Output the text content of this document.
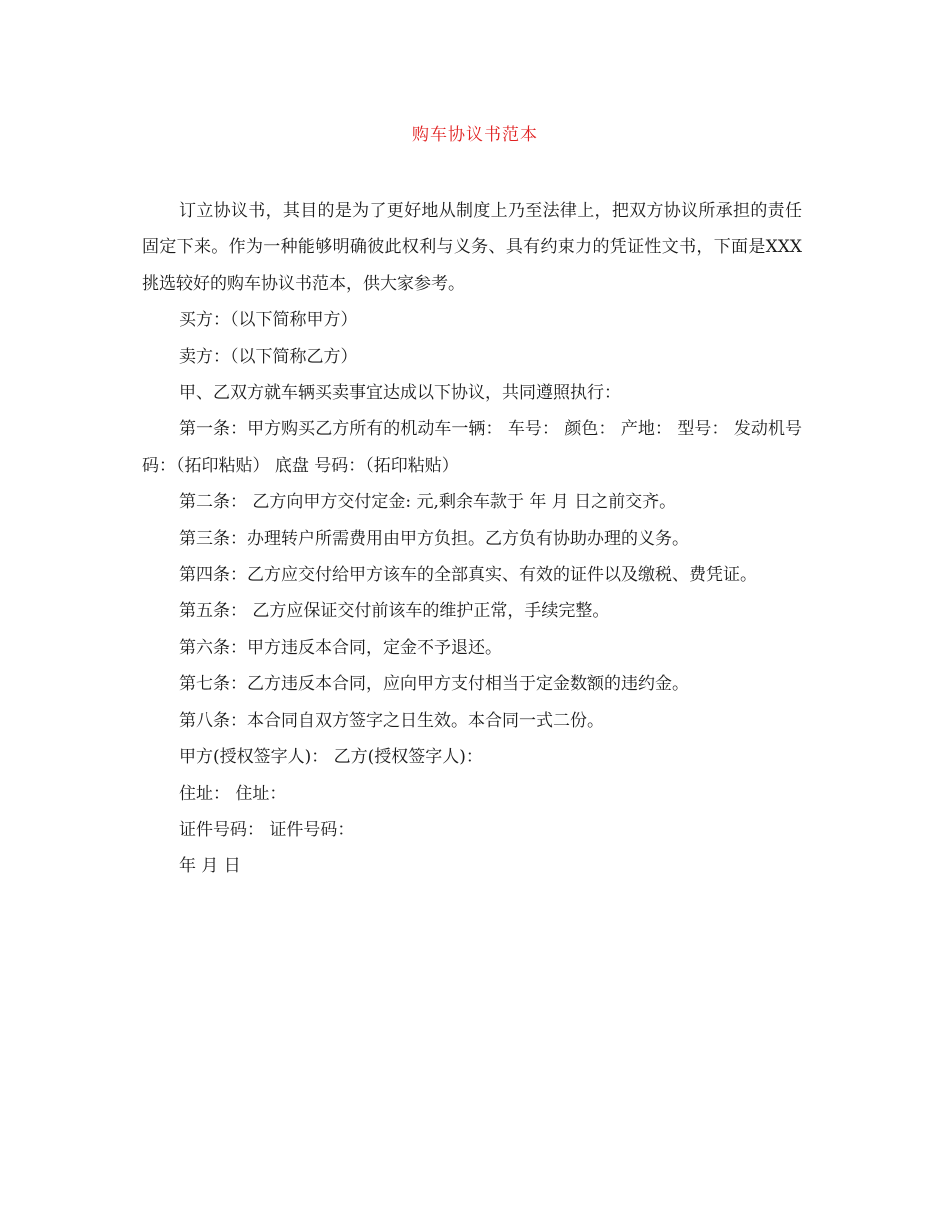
购车协议书范本

订立协议书，其目的是为了更好地从制度上乃至法律上，把双方协议所承担的责任固定下来。作为一种能够明确彼此权利与义务、具有约束力的凭证性文书，下面是XXX挑选较好的购车协议书范本，供大家参考。

买方：（以下简称甲方）

卖方：（以下简称乙方）

甲、乙双方就车辆买卖事宜达成以下协议，共同遵照执行：

第一条：甲方购买乙方所有的机动车一辆： 车号： 颜色： 产地： 型号： 发动机号码：（拓印粘贴） 底盘 号码：（拓印粘贴）

第二条： 乙方向甲方交付定金: 元,剩余车款于 年 月 日之前交齐。

第三条：办理转户所需费用由甲方负担。乙方负有协助办理的义务。

第四条：乙方应交付给甲方该车的全部真实、有效的证件以及缴税、费凭证。

第五条： 乙方应保证交付前该车的维护正常，手续完整。

第六条：甲方违反本合同，定金不予退还。

第七条：乙方违反本合同，应向甲方支付相当于定金数额的违约金。

第八条：本合同自双方签字之日生效。本合同一式二份。

甲方(授权签字人)： 乙方(授权签字人)：

住址： 住址：

证件号码： 证件号码：

年 月 日
